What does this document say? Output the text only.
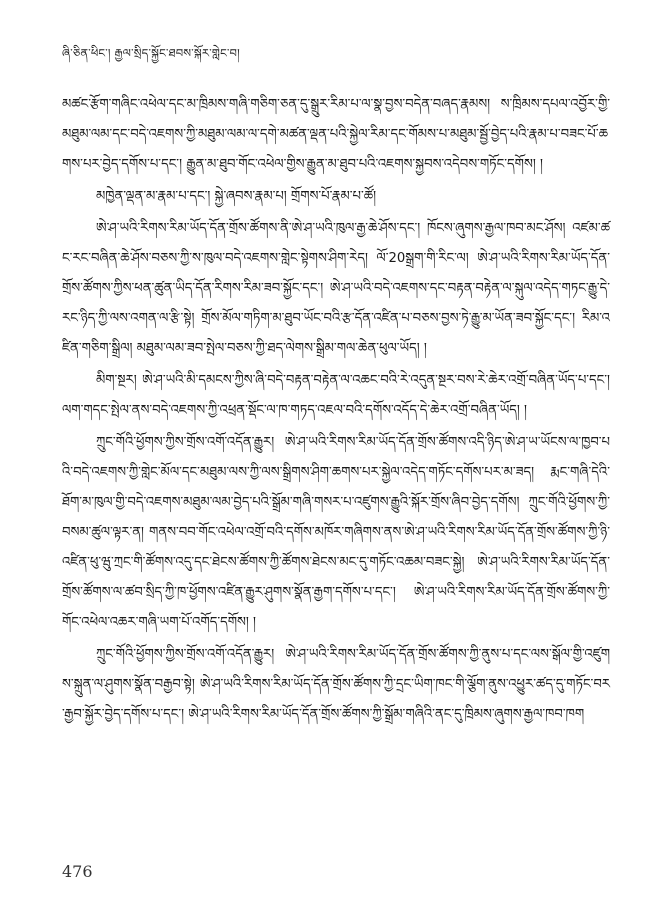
ཞི་ཅིན་ཕིང་། རྒྱལ་སྲིད་སྐྱོང་ཐབས་སྐོར་གླེང་བ།

མཚང་རྩོག་གཞིང་འཕེལ་དང་མ་ཁྲིམས་གཞི་གཅིག་ཅན་དུ་སྒྲུར་རིམ་པ་ལ་སྣ་བྱས་བདེན་བཞད་རྣམས། ས་ཁྲིམས་དཔལ་འབྱོར་གྱི་མཐུམ་ལམ་དང་བདེ་འཇགས་ཀྱི་མཐུམ་ལམ་ལ་དགེ་མཚན་ལྡན་པའི་སྐྱེལ་རིམ་དང་གོམས་པ་མཐུམ་སྦྱོ་བྱེད་པའི་རྣམ་པ་བཟང་པོ་ཆགས་པར་བྱེད་དགོས་པ་དང་། རྒྱུན་མ་ཐུབ་གོང་འཕེལ་གྱིས་རྒྱུན་མ་ཐུབ་པའི་འཇགས་སྐྱབས་འདེབས་གཏོང་དགོས། །

མཁྱེན་ལྡན་མ་རྣམ་པ་དང་། སྐྱེ་ཞབས་རྣམ་པ། གྲོགས་པོ་རྣམ་པ་ཚོ།

ཨེ་ཤ་ཡའི་རིགས་རིམ་ཡོད་དོན་གྲོས་ཚོགས་ནི་ཨེ་ཤ་ཡའི་ཁུལ་རྒྱ་ཆེ་ཤོས་དང་། ཁོངས་ཞུགས་རྒྱལ་ཁབ་མང་ཤོས། འཛམ་ཚང་རང་བཞིན་ཆེ་ཤོས་བཅས་ཀྱི་ས་ཁུལ་བདེ་འཇགས་གླེང་སྟེགས་ཤིག་རེད། ལོ་20སྒྲག་གི་རིང་ལ། ཨེ་ཤ་ཡའི་རིགས་རིམ་ཡོད་དོན་གྲོས་ཚོགས་ཀྱིས་ཕན་ཚུན་ཡིད་དོན་རིགས་རིམ་ཟབ་སྐྱོང་དང་། ཨེ་ཤ་ཡའི་བདེ་འཇགས་དང་བརྟན་བརྟེན་ལ་སྐུལ་འདེད་གཏང་རྒྱུ་དེ་རང་ཉིད་ཀྱི་ལས་འགན་ལ་རྩི་སྟེ། གྲོས་མོལ་གཏིག་མ་ཐུབ་ཡོང་བའི་རྩ་དོན་འཛིན་པ་བཅས་བྱས་ཏེ་རྒྱུ་མ་ཡོན་ཟབ་སྐྱོང་དང་། རིམ་འཛིན་གཅིག་སྒྲིལ། མཐུམ་ལམ་ཟབ་སྤེལ་བཅས་ཀྱི་ཐད་ལེགས་སྒྲིམ་གལ་ཆེན་ཕུལ་ཡོད། །

མིག་སྔར། ཨེ་ཤ་ཡའི་མི་དམངས་ཀྱིས་ཞི་བདེ་བརྟན་བརྟེན་ལ་འཆང་བའི་རེ་འདུན་སྔར་བས་རེ་ཆེར་འགྲོ་བཞིན་ཡོད་པ་དང་། ལག་གདང་སྤེལ་ནས་བདེ་འཇགས་ཀྱི་འཕྲན་སྡོང་ལ་ཁ་གཏད་འཇལ་བའི་དགོས་འདོད་དེ་ཆེར་འགྲོ་བཞིན་ཡོད། །

ཀྲུང་གོའི་ཕྱོགས་ཀྱིས་གྲོས་འགོ་འདོན་རྒྱུར། ཨེ་ཤ་ཡའི་རིགས་རིམ་ཡོད་དོན་གྲོས་ཚོགས་འདི་ཉིད་ཨེ་ཤ་ཡ་ཡོངས་ལ་ཁྱབ་པའི་བདེ་འཇགས་ཀྱི་གླེང་མོལ་དང་མཐུམ་ལས་ཀྱི་ལས་སྒྲིགས་ཤིག་ཆགས་པར་སྐྱེལ་འདེད་གཏོང་དགོས་པར་མ་ཟད། རྨང་གཞི་དེའི་ཐོག་མ་ཁུལ་གྱི་བདེ་འཇགས་མཐུམ་ལམ་བྱེད་པའི་སྒྲོམ་གཞི་གསར་པ་འཛུགས་རྒྱུའི་སྐོར་གྲོས་ཞིབ་བྱེད་དགོས། ཀྲུང་གོའི་ཕྱོགས་ཀྱི་བསམ་ཚུལ་ལྟར་ན། གནས་བབ་གོང་འཕེལ་འགྲོ་བའི་དགོས་མཁོར་གཞིགས་ནས་ཨེ་ཤ་ཡའི་རིགས་རིམ་ཡོད་དོན་གྲོས་ཚོགས་ཀྱི་ཉི་འཛིན་ཕུ་ཝུ་ཀྲང་གི་ཚོགས་འདུ་དང་ཐེངས་ཚོགས་ཀྱི་ཚོགས་ཐེངས་མང་དུ་གཏོང་འཆམ་བཟང་སྐྱེ། ཨེ་ཤ་ཡའི་རིགས་རིམ་ཡོད་དོན་གྲོས་ཚོགས་ལ་ཚབ་སྲིད་ཀྱི་ཁ་ཕྱོགས་འཛིན་རྒྱུར་ཤུགས་སྣོན་རྒྱག་དགོས་པ་དང་། ཨེ་ཤ་ཡའི་རིགས་རིམ་ཡོད་དོན་གྲོས་ཚོགས་ཀྱི་གོང་འཕེལ་འཆར་གཞི་ཡག་པོ་འགོད་དགོས། །

ཀྲུང་གོའི་ཕྱོགས་ཀྱིས་གྲོས་འགོ་འདོན་རྒྱུར། ཨེ་ཤ་ཡའི་རིགས་རིམ་ཡོད་དོན་གྲོས་ཚོགས་ཀྱི་ནུས་པ་དང་ལས་སྒོལ་གྱི་འཛུགས་སྐྲུན་ལ་ཤུགས་སྣོན་བརྒྱབ་སྟེ། ཨེ་ཤ་ཡའི་རིགས་རིམ་ཡོད་དོན་གྲོས་ཚོགས་ཀྱི་དྲང་ཡིག་ཁང་གི་ལྕོག་ནུས་འཕྱུར་ཚད་དུ་གཏོང་བར་རྒྱབ་སྐྱོར་བྱེད་དགོས་པ་དང་། ཨེ་ཤ་ཡའི་རིགས་རིམ་ཡོད་དོན་གྲོས་ཚོགས་ཀྱི་སྒྲོམ་གཞིའི་ནང་དུ་ཁྲིམས་ཞུགས་རྒྱལ་ཁབ་ཁག

476
